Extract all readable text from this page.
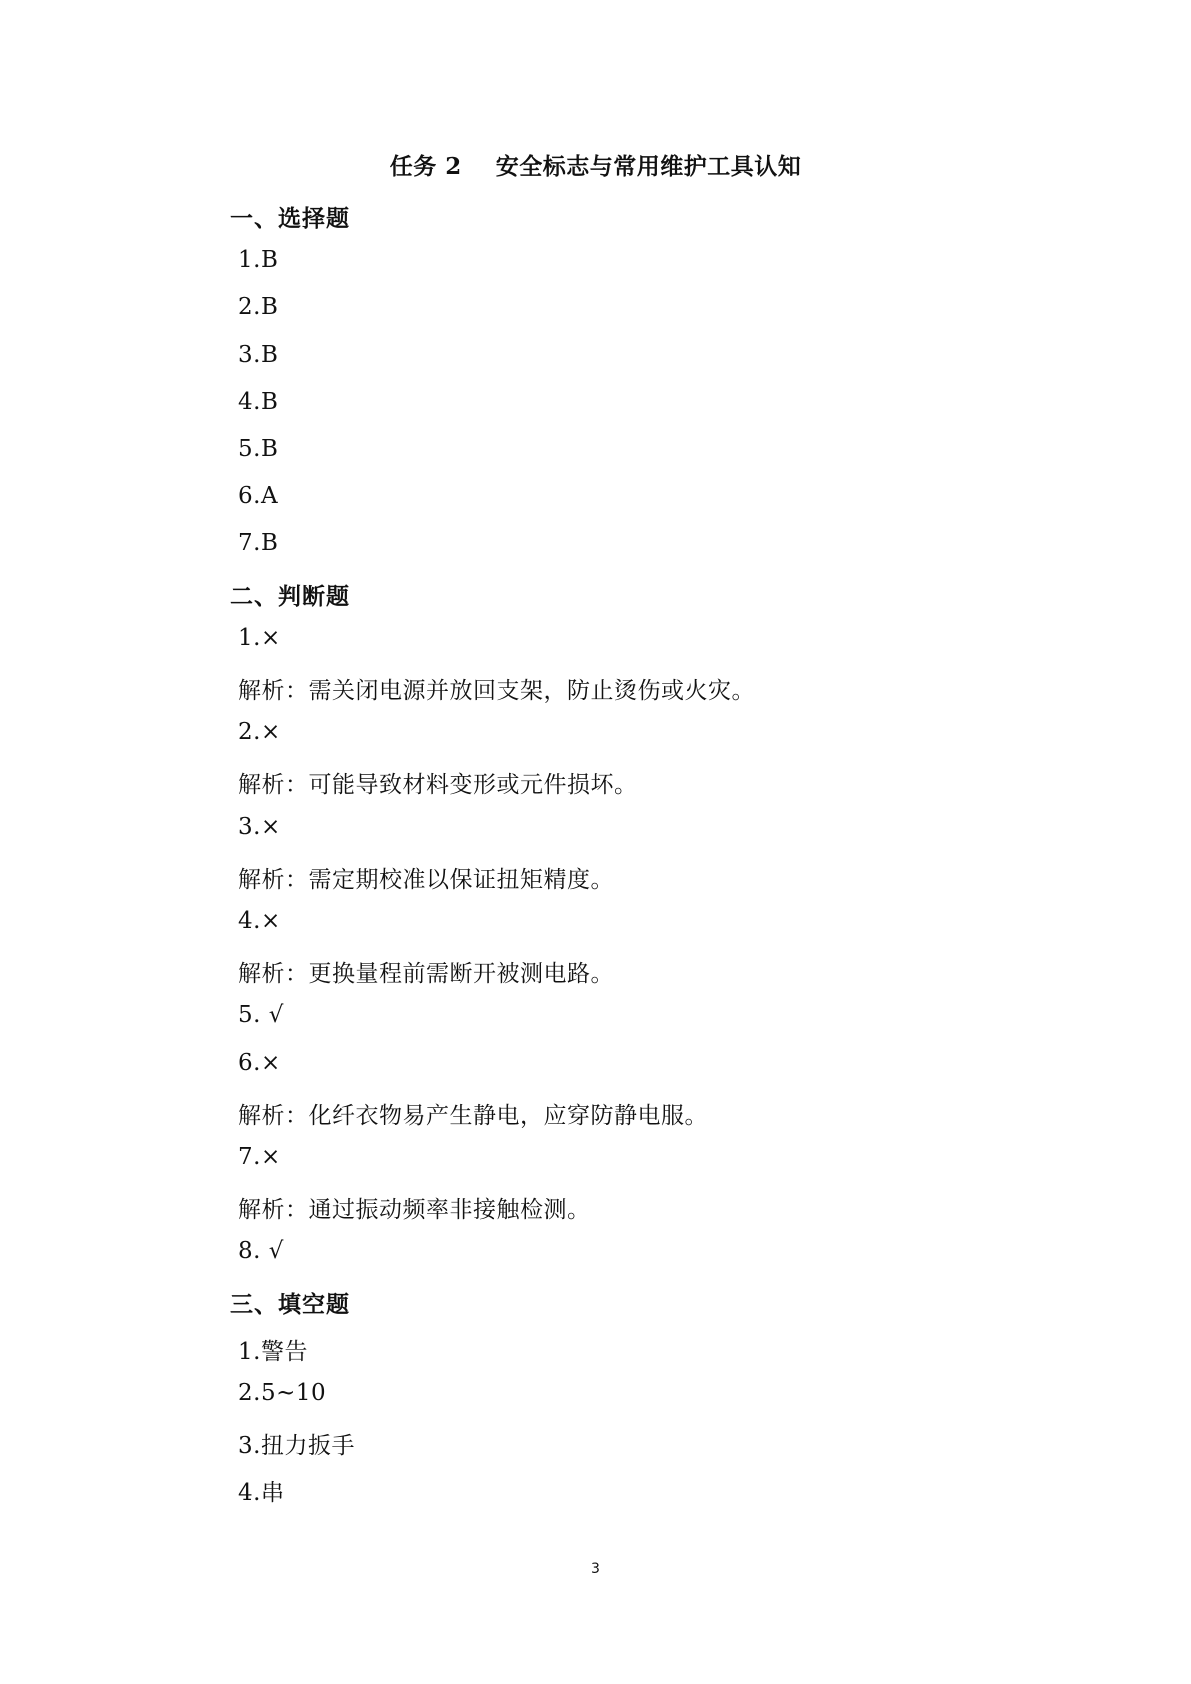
任务 2    安全标志与常用维护工具认知
一、选择题
1.B
2.B
3.B
4.B
5.B
6.A
7.B
二、判断题
1.×
解析：需关闭电源并放回支架，防止烫伤或火灾。
2.×
解析：可能导致材料变形或元件损坏。
3.×
解析：需定期校准以保证扭矩精度。
4.×
解析：更换量程前需断开被测电路。
5. √
6.×
解析：化纤衣物易产生静电，应穿防静电服。
7.×
解析：通过振动频率非接触检测。
8. √
三、填空题
1.警告
2.5~10
3.扭力扳手
4.串
3
